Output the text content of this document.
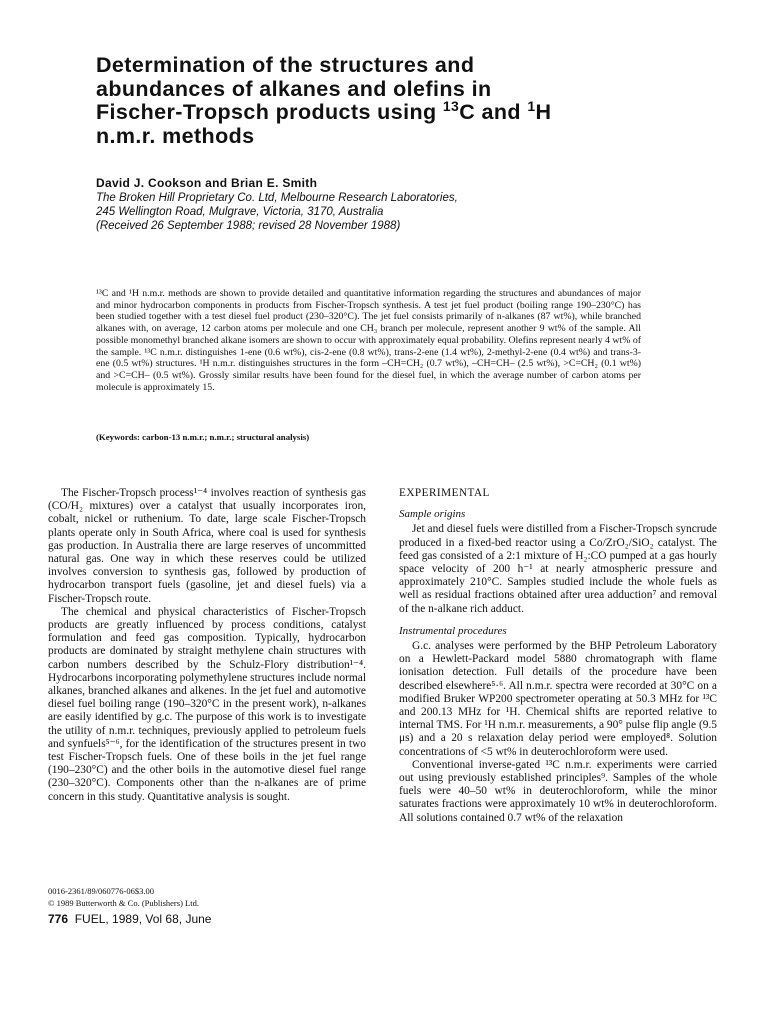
Determination of the structures and
abundances of alkanes and olefins in
Fischer-Tropsch products using $^{13}$C and $^1$H
n.m.r. methods
David J. Cookson and Brian E. Smith
The Broken Hill Proprietary Co. Ltd, Melbourne Research Laboratories,
245 Wellington Road, Mulgrave, Victoria, 3170, Australia
(Received 26 September 1988; revised 28 November 1988)

¹³C and ¹H n.m.r. methods are shown to provide detailed and quantitative information regarding the structures and abundances of major and minor hydrocarbon components in products from Fischer-Tropsch synthesis. A test jet fuel product (boiling range 190–230°C) has been studied together with a test diesel fuel product (230–320°C). The jet fuel consists primarily of n-alkanes (87 wt%), while branched alkanes with, on average, 12 carbon atoms per molecule and one CH₃ branch per molecule, represent another 9 wt% of the sample. All possible monomethyl branched alkane isomers are shown to occur with approximately equal probability. Olefins represent nearly 4 wt% of the sample. ¹³C n.m.r. distinguishes 1-ene (0.6 wt%), cis-2-ene (0.8 wt%), trans-2-ene (1.4 wt%), 2-methyl-2-ene (0.4 wt%) and trans-3-ene (0.5 wt%) structures. ¹H n.m.r. distinguishes structures in the form –CH=CH₂ (0.7 wt%), –CH=CH– (2.5 wt%), >C=CH₂ (0.1 wt%) and >C=CH– (0.5 wt%). Grossly similar results have been found for the diesel fuel, in which the average number of carbon atoms per molecule is approximately 15.

(Keywords: carbon-13 n.m.r.; n.m.r.; structural analysis)

The Fischer-Tropsch process¹⁻⁴ involves reaction of synthesis gas (CO/H₂ mixtures) over a catalyst that usually incorporates iron, cobalt, nickel or ruthenium. To date, large scale Fischer-Tropsch plants operate only in South Africa, where coal is used for synthesis gas production. In Australia there are large reserves of uncommitted natural gas. One way in which these reserves could be utilized involves conversion to synthesis gas, followed by production of hydrocarbon transport fuels (gasoline, jet and diesel fuels) via a Fischer-Tropsch route.

The chemical and physical characteristics of Fischer-Tropsch products are greatly influenced by process conditions, catalyst formulation and feed gas composition. Typically, hydrocarbon products are dominated by straight methylene chain structures with carbon numbers described by the Schulz-Flory distribution¹⁻⁴. Hydrocarbons incorporating polymethylene structures include normal alkanes, branched alkanes and alkenes. In the jet fuel and automotive diesel fuel boiling range (190–320°C in the present work), n-alkanes are easily identified by g.c. The purpose of this work is to investigate the utility of n.m.r. techniques, previously applied to petroleum fuels and synfuels⁵⁻⁶, for the identification of the structures present in two test Fischer-Tropsch fuels. One of these boils in the jet fuel range (190–230°C) and the other boils in the automotive diesel fuel range (230–320°C). Components other than the n-alkanes are of prime concern in this study. Quantitative analysis is sought.

EXPERIMENTAL
Sample origins

Jet and diesel fuels were distilled from a Fischer-Tropsch syncrude produced in a fixed-bed reactor using a Co/ZrO₂/SiO₂ catalyst. The feed gas consisted of a 2:1 mixture of H₂:CO pumped at a gas hourly space velocity of 200 h⁻¹ at nearly atmospheric pressure and approximately 210°C. Samples studied include the whole fuels as well as residual fractions obtained after urea adduction⁷ and removal of the n-alkane rich adduct.

Instrumental procedures

G.c. analyses were performed by the BHP Petroleum Laboratory on a Hewlett-Packard model 5880 chromatograph with flame ionisation detection. Full details of the procedure have been described elsewhere⁵·⁶. All n.m.r. spectra were recorded at 30°C on a modified Bruker WP200 spectrometer operating at 50.3 MHz for ¹³C and 200.13 MHz for ¹H. Chemical shifts are reported relative to internal TMS. For ¹H n.m.r. measurements, a 90° pulse flip angle (9.5 μs) and a 20 s relaxation delay period were employed⁸. Solution concentrations of <5 wt% in deuterochloroform were used.

Conventional inverse-gated ¹³C n.m.r. experiments were carried out using previously established principles⁹. Samples of the whole fuels were 40–50 wt% in deuterochloroform, while the minor saturates fractions were approximately 10 wt% in deuterochloroform. All solutions contained 0.7 wt% of the relaxation

0016-2361/89/060776-06$3.00
© 1989 Butterworth & Co. (Publishers) Ltd.
776 FUEL, 1989, Vol 68, June
